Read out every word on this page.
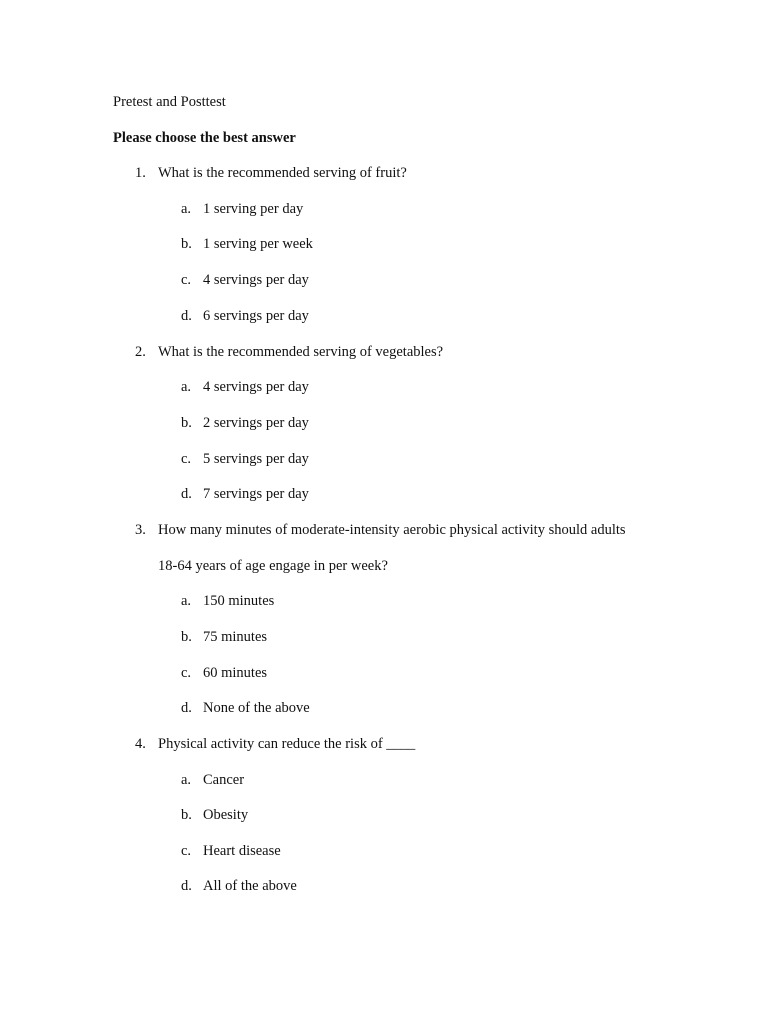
Pretest and Posttest
Please choose the best answer
1. What is the recommended serving of fruit?
a. 1 serving per day
b. 1 serving per week
c. 4 servings per day
d. 6 servings per day
2. What is the recommended serving of vegetables?
a. 4 servings per day
b. 2 servings per day
c. 5 servings per day
d. 7 servings per day
3. How many minutes of moderate-intensity aerobic physical activity should adults
18-64 years of age engage in per week?
a. 150 minutes
b. 75 minutes
c. 60 minutes
d. None of the above
4. Physical activity can reduce the risk of ____
a. Cancer
b. Obesity
c. Heart disease
d. All of the above
